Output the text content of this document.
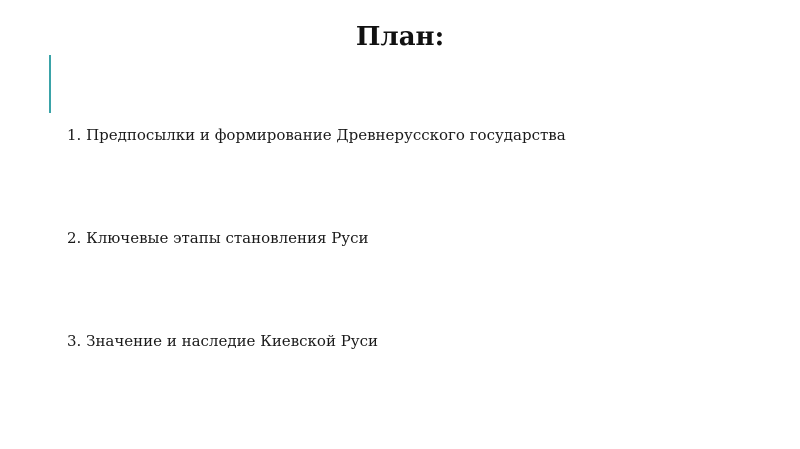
План:
1. Предпосылки и формирование Древнерусского государства
2. Ключевые этапы становления Руси
3. Значение и наследие Киевской Руси
